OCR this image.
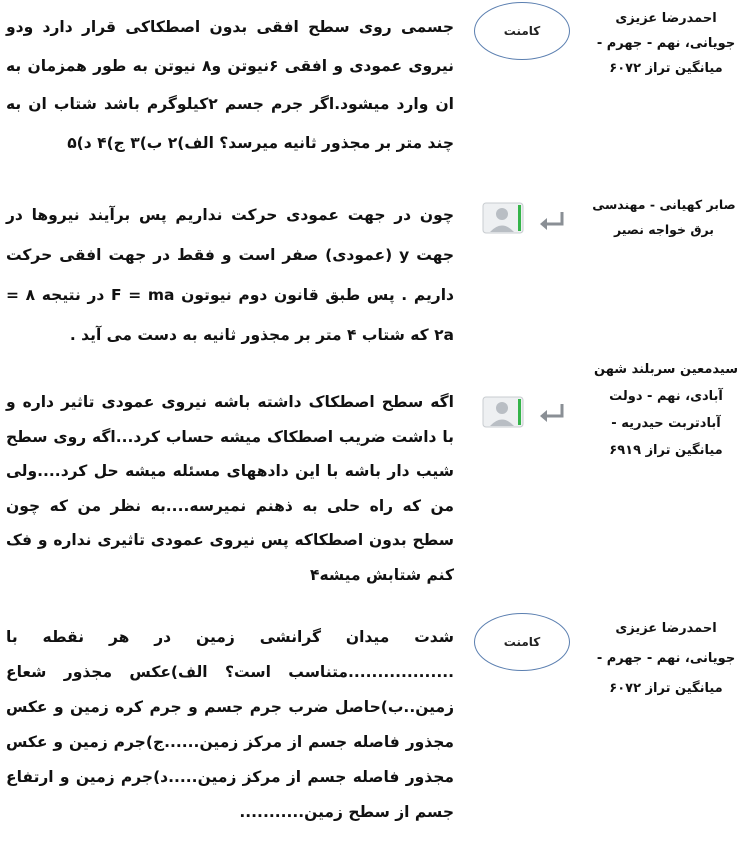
احمدرضا عزیزی جویانی، نهم - جهرم - میانگین تراز ۶۰۷۲
کامنت
جسمی روی سطح افقی بدون اصطکاکی قرار دارد ودو نیروی عمودی و افقی ۶نیوتن و۸ نیوتن به طور همزمان به ان وارد میشود.اگر جرم جسم ۲کیلوگرم باشد شتاب ان به چند متر بر مجذور ثانیه میرسد؟ الف)۲ ب)۳ ج)۴ د)۵
صابر کهیانی - مهندسی برق خواجه نصیر
چون در جهت عمودی حرکت نداریم پس برآیند نیروها در جهت y (عمودی) صفر است و فقط در جهت افقی حرکت داریم . پس طبق قانون دوم نیوتون F = ma در نتیجه ۸ = ۲a که شتاب ۴ متر بر مجذور ثانیه به دست می آید .
سیدمعین سربلند شهن آبادی، نهم - دولت آبادتربت حیدریه - میانگین تراز ۶۹۱۹
اگه سطح اصطکاک داشته باشه نیروی عمودی تاثیر داره و با داشت ضریب اصطکاک میشه حساب کرد...اگه روی سطح شیب دار باشه با این دادههای مسئله میشه حل کرد....ولی من که راه حلی به ذهنم نمیرسه....به نظر من که چون سطح بدون اصطکاکه پس نیروی عمودی تاثیری نداره و فک کنم شتابش میشه۴
احمدرضا عزیزی جویانی، نهم - جهرم - میانگین تراز ۶۰۷۲
کامنت
شدت میدان گرانشی زمین در هر نقطه با ..................متناسب است؟ الف)عکس مجذور شعاع زمین..ب)حاصل ضرب جرم جسم و جرم کره زمین و عکس مجذور فاصله جسم از مرکز زمین......ج)جرم زمین و عکس مجذور فاصله جسم از مرکز زمین.....د)جرم زمین و ارتفاع جسم از سطح زمین...........
